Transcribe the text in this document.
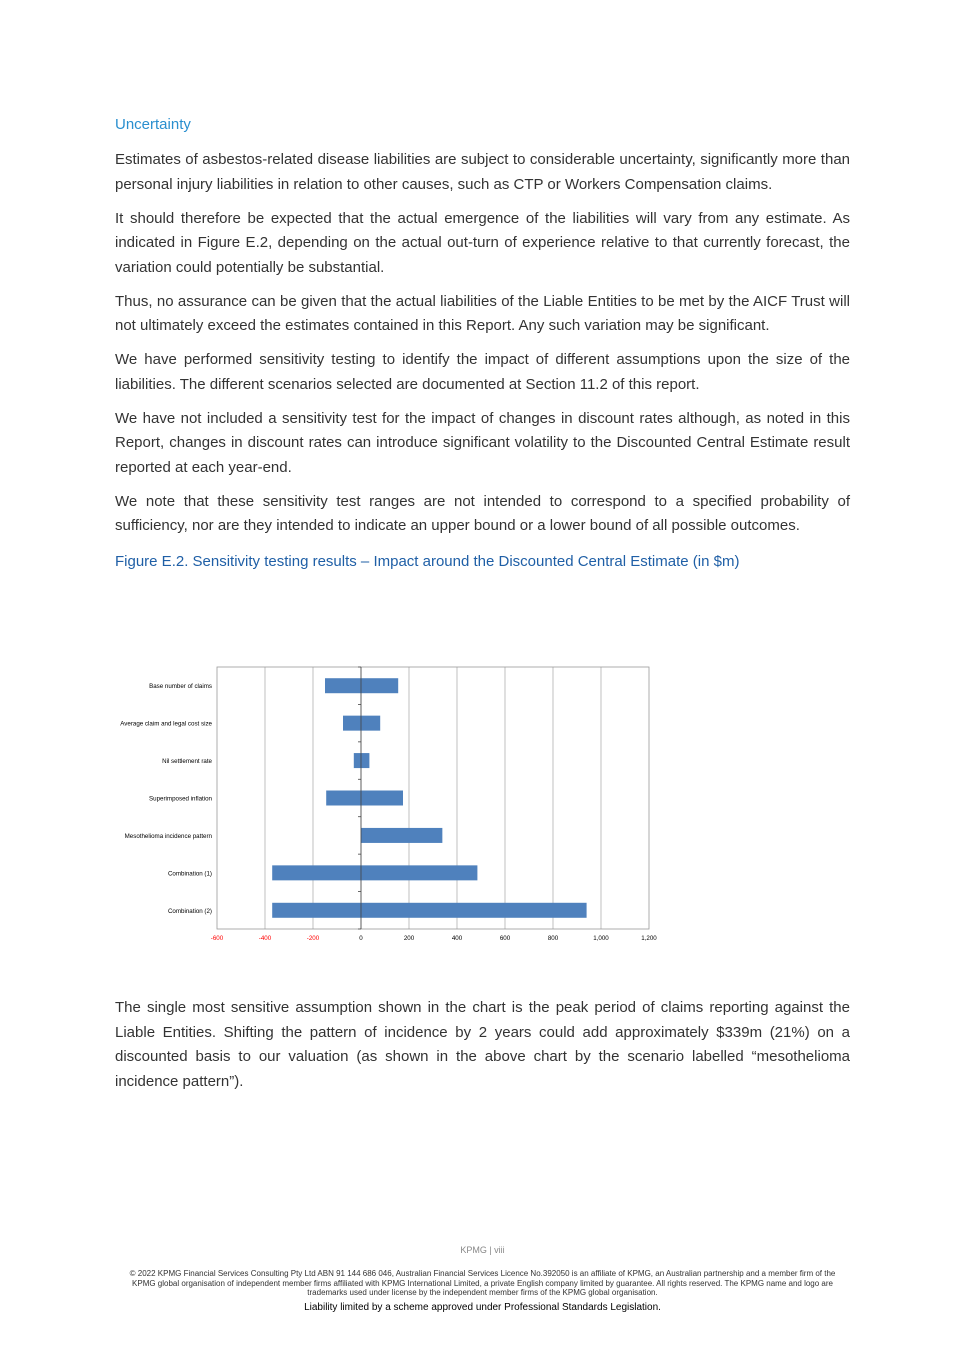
Uncertainty

Estimates of asbestos-related disease liabilities are subject to considerable uncertainty, significantly more than personal injury liabilities in relation to other causes, such as CTP or Workers Compensation claims.

It should therefore be expected that the actual emergence of the liabilities will vary from any estimate. As indicated in Figure E.2, depending on the actual out-turn of experience relative to that currently forecast, the variation could potentially be substantial.

Thus, no assurance can be given that the actual liabilities of the Liable Entities to be met by the AICF Trust will not ultimately exceed the estimates contained in this Report. Any such variation may be significant.

We have performed sensitivity testing to identify the impact of different assumptions upon the size of the liabilities. The different scenarios selected are documented at Section 11.2 of this report.

We have not included a sensitivity test for the impact of changes in discount rates although, as noted in this Report, changes in discount rates can introduce significant volatility to the Discounted Central Estimate result reported at each year-end.

We note that these sensitivity test ranges are not intended to correspond to a specified probability of sufficiency, nor are they intended to indicate an upper bound or a lower bound of all possible outcomes.

Figure E.2. Sensitivity testing results – Impact around the Discounted Central Estimate (in $m)
Base number of claims
Average claim and legal cost size
Nil settlement rate
Superimposed inflation
Mesothelioma incidence pattern
Combination (1)
Combination (2)
-600	-400	-200	0	200	400	600	800	1,000	1,200

The single most sensitive assumption shown in the chart is the peak period of claims reporting against the Liable Entities. Shifting the pattern of incidence by 2 years could add approximately $339m (21%) on a discounted basis to our valuation (as shown in the above chart by the scenario labelled “mesothelioma incidence pattern”).

KPMG | viii
© 2022 KPMG Financial Services Consulting Pty Ltd ABN 91 144 686 046, Australian Financial Services Licence No.392050 is an affiliate of KPMG, an Australian partnership and a member firm of the KPMG global organisation of independent member firms affiliated with KPMG International Limited, a private English company limited by guarantee. All rights reserved. The KPMG name and logo are trademarks used under license by the independent member firms of the KPMG global organisation.
Liability limited by a scheme approved under Professional Standards Legislation.
